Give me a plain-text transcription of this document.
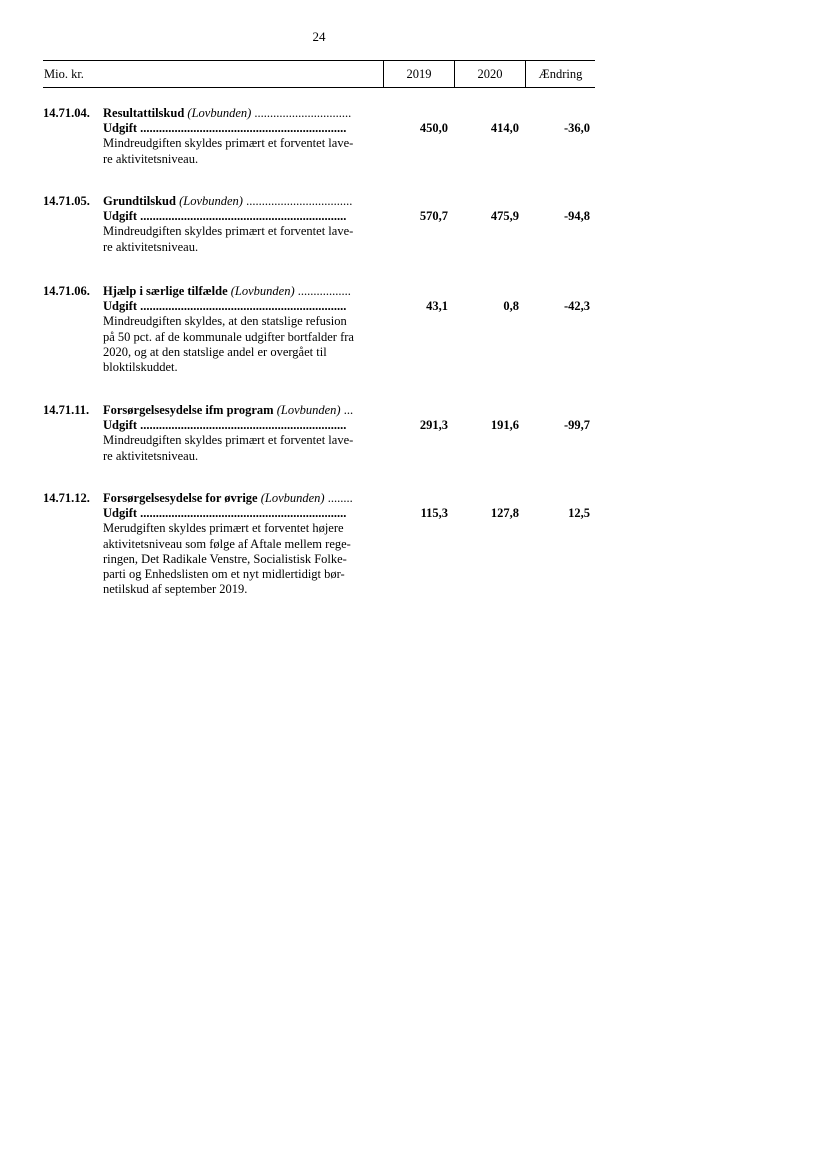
24
Mio. kr.	2019	2020	Ændring
14.71.04.	Resultattilskud (Lovbunden) ...............................
Udgift ..................................................................	450,0	414,0	-36,0
Mindreudgiften skyldes primært et forventet lave-
re aktivitetsniveau.
14.71.05.	Grundtilskud (Lovbunden) ..................................
Udgift ..................................................................	570,7	475,9	-94,8
Mindreudgiften skyldes primært et forventet lave-
re aktivitetsniveau.
14.71.06.	Hjælp i særlige tilfælde (Lovbunden) .................
Udgift ..................................................................	43,1	0,8	-42,3
Mindreudgiften skyldes, at den statslige refusion
på 50 pct. af de kommunale udgifter bortfalder fra
2020, og at den statslige andel er overgået til
bloktilskuddet.
14.71.11.	Forsørgelsesydelse ifm program (Lovbunden) ...
Udgift ..................................................................	291,3	191,6	-99,7
Mindreudgiften skyldes primært et forventet lave-
re aktivitetsniveau.
14.71.12.	Forsørgelsesydelse for øvrige (Lovbunden) ........
Udgift ..................................................................	115,3	127,8	12,5
Merudgiften skyldes primært et forventet højere
aktivitetsniveau som følge af Aftale mellem rege-
ringen, Det Radikale Venstre, Socialistisk Folke-
parti og Enhedslisten om et nyt midlertidigt bør-
netilskud af september 2019.
